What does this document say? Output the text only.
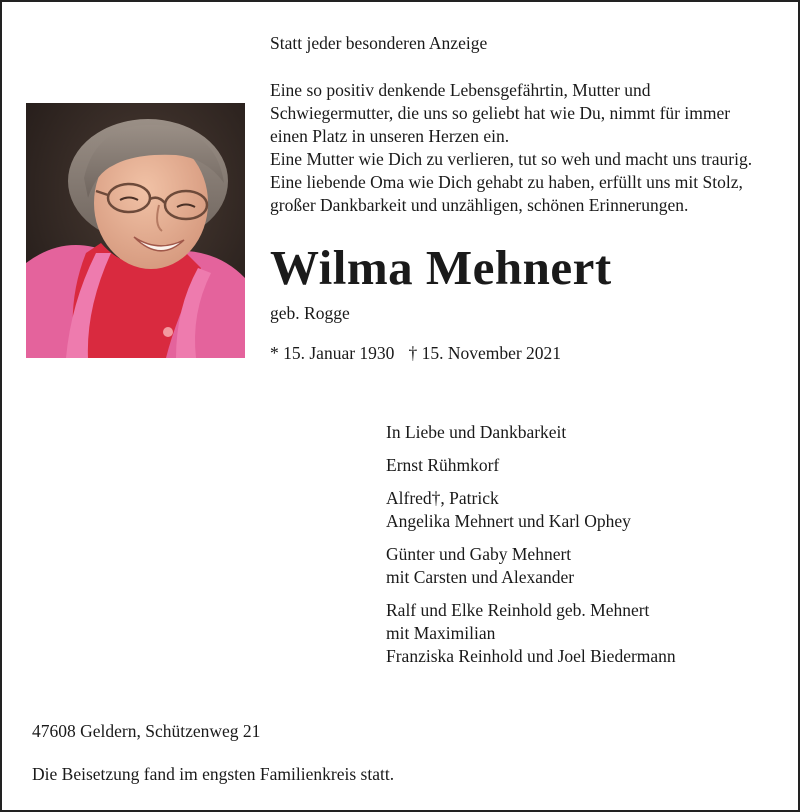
Statt jeder besonderen Anzeige

Eine so positiv denkende Lebensgefährtin, Mutter und
Schwiegermutter, die uns so geliebt hat wie Du, nimmt für immer
einen Platz in unseren Herzen ein.
Eine Mutter wie Dich zu verlieren, tut so weh und macht uns traurig.
Eine liebende Oma wie Dich gehabt zu haben, erfüllt uns mit Stolz,
großer Dankbarkeit und unzähligen, schönen Erinnerungen.
Wilma Mehnert

geb. Rogge

* 15. Januar 1930 † 15. November 2021

In Liebe und Dankbarkeit
Ernst Rühmkorf
Alfred†, Patrick
Angelika Mehnert und Karl Ophey
Günter und Gaby Mehnert
mit Carsten und Alexander
Ralf und Elke Reinhold geb. Mehnert
mit Maximilian
Franziska Reinhold und Joel Biedermann

47608 Geldern, Schützenweg 21

Die Beisetzung fand im engsten Familienkreis statt.
